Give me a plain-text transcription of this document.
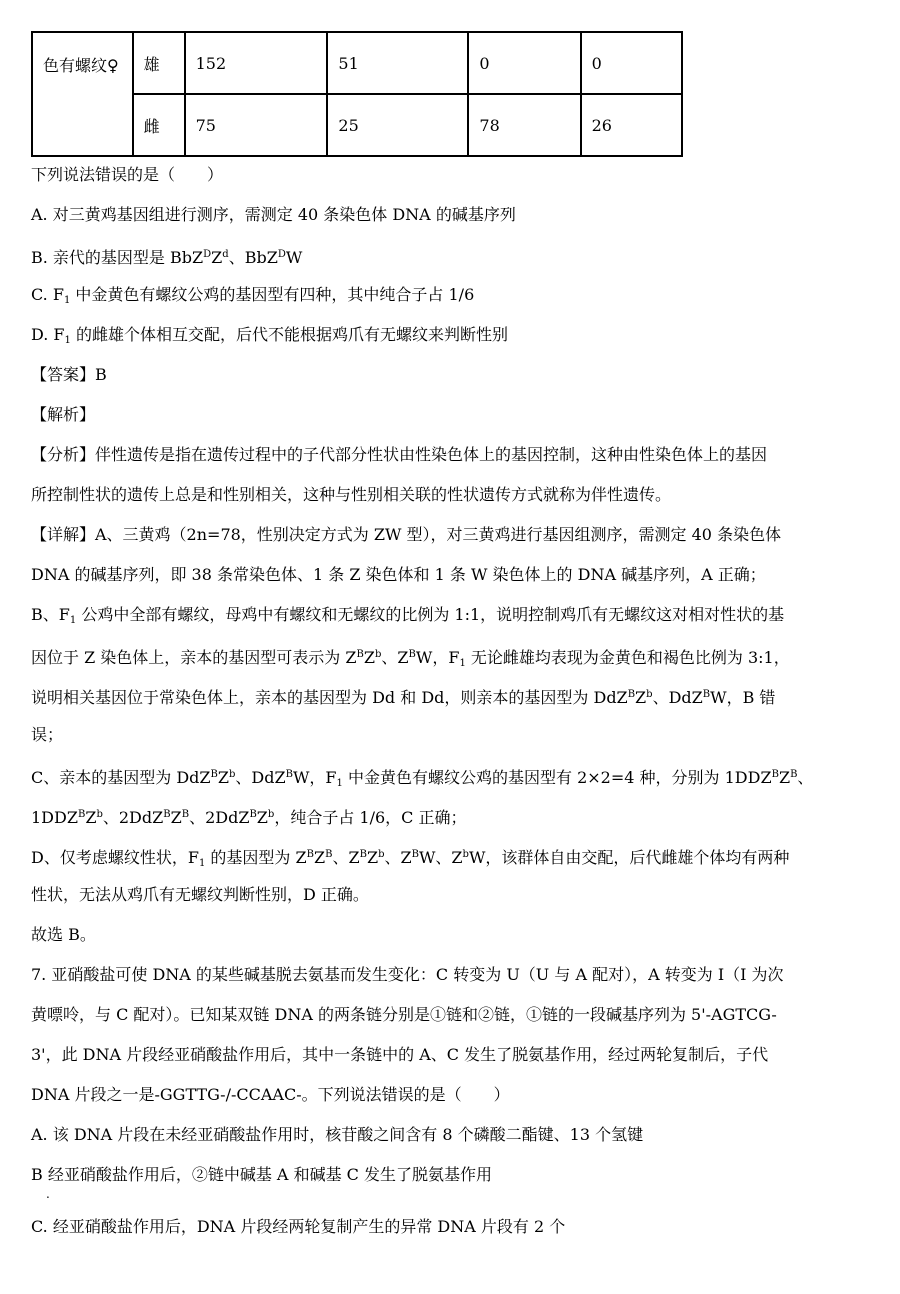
色有螺纹♀	雄	152	51	0	0
	雌	75	25	78	26
下列说法错误的是（　　）
A. 对三黄鸡基因组进行测序，需测定 40 条染色体 DNA 的碱基序列
B. 亲代的基因型是 $BbZ^DZ^d$、BbZ$^D$W
C. $F_1$ 中金黄色有螺纹公鸡的基因型有四种，其中纯合子占 1/6
D. $F_1$ 的雌雄个体相互交配，后代不能根据鸡爪有无螺纹来判断性别
【答案】B
【解析】
【分析】伴性遗传是指在遗传过程中的子代部分性状由性染色体上的基因控制，这种由性染色体上的基因
所控制性状的遗传上总是和性别相关，这种与性别相关联的性状遗传方式就称为伴性遗传。
【详解】A、三黄鸡（2n=78，性别决定方式为 ZW 型），对三黄鸡进行基因组测序，需测定 40 条染色体
DNA 的碱基序列，即 38 条常染色体、1 条 Z 染色体和 1 条 W 染色体上的 DNA 碱基序列，A 正确；
B、$F_1$ 公鸡中全部有螺纹，母鸡中有螺纹和无螺纹的比例为 1:1，说明控制鸡爪有无螺纹这对相对性状的基
因位于 Z 染色体上，亲本的基因型可表示为 $Z^BZ^b$、$Z^BW$，$F_1$ 无论雌雄均表现为金黄色和褐色比例为 3:1，
说明相关基因位于常染色体上，亲本的基因型为 Dd 和 Dd，则亲本的基因型为 $DdZ^BZ^b$、DdZ$^B$W，B 错
误；
C、亲本的基因型为 $DdZ^BZ^b$、DdZ$^B$W，$F_1$ 中金黄色有螺纹公鸡的基因型有 2×2=4 种，分别为 $1DDZ^BZ^B$、
$1DDZ^BZ^b$、$2DdZ^BZ^B$、$2DdZ^BZ^b$，纯合子占 1/6，C 正确；
D、仅考虑螺纹性状，$F_1$ 的基因型为 $Z^BZ^B$、$Z^BZ^b$、$Z^BW$、$Z^bW$，该群体自由交配，后代雌雄个体均有两种
性状，无法从鸡爪有无螺纹判断性别，D 正确。
故选 B。
7. 亚硝酸盐可使 DNA 的某些碱基脱去氨基而发生变化：C 转变为 U（U 与 A 配对），A 转变为 I（I 为次
黄嘌呤，与 C 配对）。已知某双链 DNA 的两条链分别是①链和②链，①链的一段碱基序列为 5'-AGTCG-
3'，此 DNA 片段经亚硝酸盐作用后，其中一条链中的 A、C 发生了脱氨基作用，经过两轮复制后，子代
DNA 片段之一是-GGTTG-/-CCAAC-。下列说法错误的是（　　）
A. 该 DNA 片段在未经亚硝酸盐作用时，核苷酸之间含有 8 个磷酸二酯键、13 个氢键
B 经亚硝酸盐作用后，②链中碱基 A 和碱基 C 发生了脱氨基作用
.
C. 经亚硝酸盐作用后，DNA 片段经两轮复制产生的异常 DNA 片段有 2 个
